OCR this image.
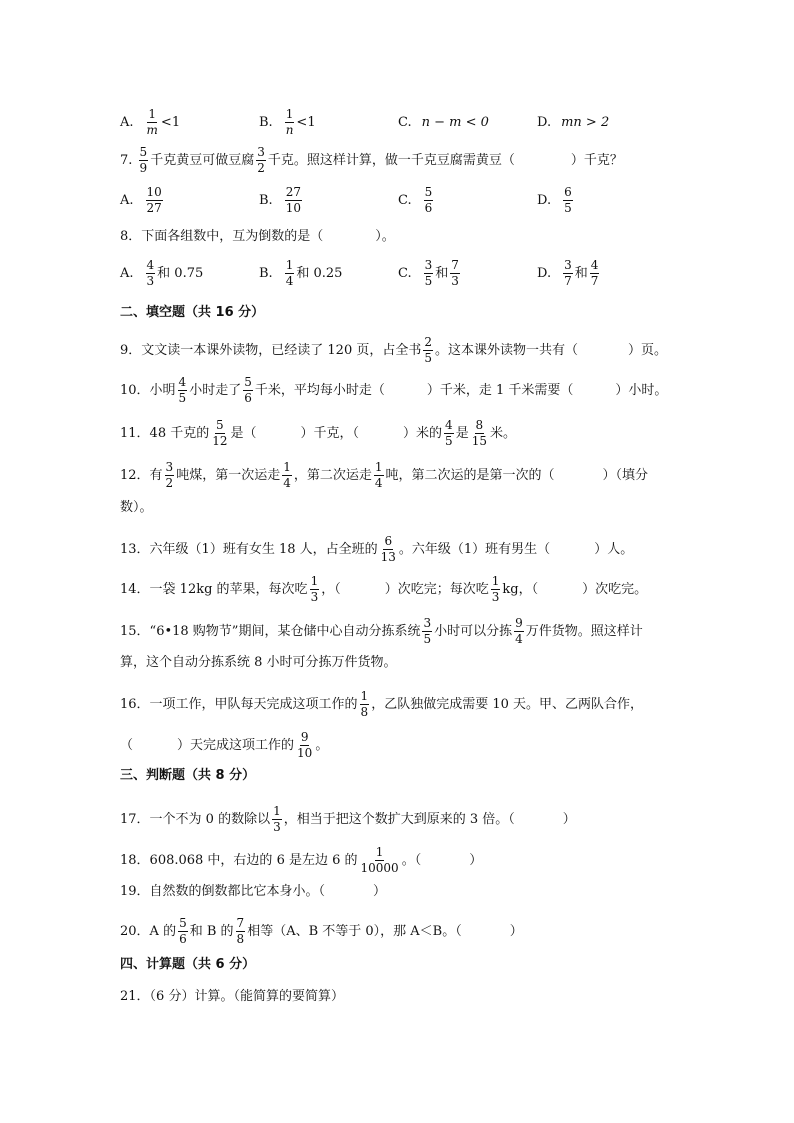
A. $\frac{1}{m} <1$	B. $\frac{1}{n} <1$	C. n − m < 0	D. mn > 2
7.
$\frac{5}{9}$ 千克黄豆可做豆腐 $\frac{3}{2}$ 千克。照这样计算，做一千克豆腐需黄豆（	）千克？
A. $\frac{10}{27}$	B. $\frac{27}{10}$	C. $\frac{5}{6}$	D. $\frac{6}{5}$
8．下面各组数中，互为倒数的是（	）。
A. $\frac{4}{3}$ 和 0.75	B. $\frac{1}{4}$ 和 0.25	C. $\frac{3}{5}$ 和 $\frac{7}{3}$	D. $\frac{3}{7}$ 和 $\frac{4}{7}$
二、填空题（共 16 分）
9．文文读一本课外读物，已经读了 120 页，占全书 $\frac{2}{5}$ 。这本课外读物一共有（	）页。
10．小明 $\frac{4}{5}$ 小时走了 $\frac{5}{6}$ 千米，平均每小时走（	）千米，走 1 千米需要（	）小时。
11．48 千克的 $\frac{5}{12}$ 是（	）千克，（	）米的 $\frac{4}{5}$ 是 $\frac{8}{15}$ 米。
12．有 $\frac{3}{2}$ 吨煤，第一次运走 $\frac{1}{4}$ ，第二次运走 $\frac{1}{4}$ 吨，第二次运的是第一次的（	）（填分
数）。
13．六年级（1）班有女生 18 人，占全班的 $\frac{6}{13}$ 。六年级（1）班有男生（	）人。
14．一袋 12kg 的苹果，每次吃 $\frac{1}{3}$ ，（	）次吃完；每次吃 $\frac{1}{3}$ kg，（	）次吃完。
15．“6•18 购物节”期间，某仓储中心自动分拣系统 $\frac{3}{5}$ 小时可以分拣 $\frac{9}{4}$ 万件货物。照这样计
算，这个自动分拣系统 8 小时可分拣万件货物。
16．一项工作，甲队每天完成这项工作的 $\frac{1}{8}$ ，乙队独做完成需要 10 天。甲、乙两队合作，
（	）天完成这项工作的 $\frac{9}{10}$ 。
三、判断题（共 8 分）
17．一个不为 0 的数除以 $\frac{1}{3}$ ，相当于把这个数扩大到原来的 3 倍。（	）
18．608.068 中，右边的 6 是左边 6 的 $\frac{1}{10000}$ 。（	）
19．自然数的倒数都比它本身小。（	）
20．A 的 $\frac{5}{6}$ 和 B 的 $\frac{7}{8}$ 相等（A、B 不等于 0），那 A＜B。（	）
四、计算题（共 6 分）
21．（6 分）计算。（能简算的要简算）
